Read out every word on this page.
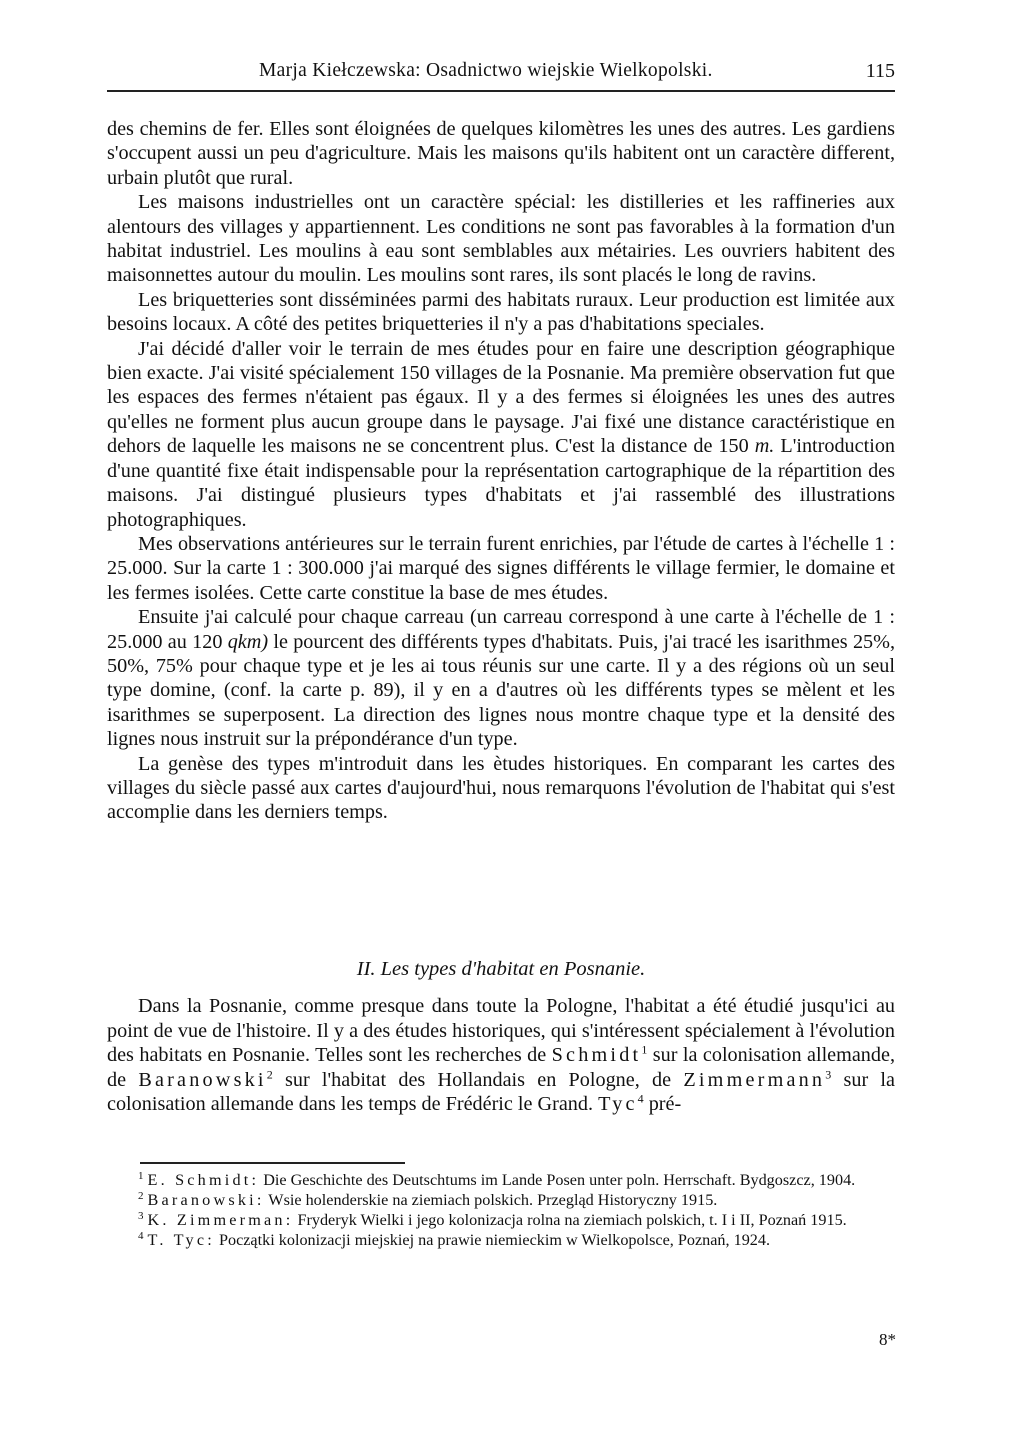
Marja Kiełczewska: Osadnictwo wiejskie Wielkopolski.	115

des chemins de fer. Elles sont éloignées de quelques kilomètres les unes des autres. Les gardiens s'occupent aussi un peu d'agriculture. Mais les maisons qu'ils habitent ont un caractère different, urbain plutôt que rural.

Les maisons industrielles ont un caractère spécial: les distilleries et les raffineries aux alentours des villages y appartiennent. Les conditions ne sont pas favorables à la formation d'un habitat industriel. Les moulins à eau sont semblables aux métairies. Les ouvriers habitent des maisonnettes autour du moulin. Les moulins sont rares, ils sont placés le long de ravins.

Les briquetteries sont disséminées parmi des habitats ruraux. Leur production est limitée aux besoins locaux. A côté des petites briquetteries il n'y a pas d'habitations speciales.

J'ai décidé d'aller voir le terrain de mes études pour en faire une description géographique bien exacte. J'ai visité spécialement 150 villages de la Posnanie. Ma première observation fut que les espaces des fermes n'étaient pas égaux. Il y a des fermes si éloignées les unes des autres qu'elles ne forment plus aucun groupe dans le paysage. J'ai fixé une distance caractéristique en dehors de laquelle les maisons ne se concentrent plus. C'est la distance de 150 m. L'introduction d'une quantité fixe était indispensable pour la représentation cartographique de la répartition des maisons. J'ai distingué plusieurs types d'habitats et j'ai rassemblé des illustrations photographiques.

Mes observations antérieures sur le terrain furent enrichies, par l'étude de cartes à l'échelle 1 : 25.000. Sur la carte 1 : 300.000 j'ai marqué des signes différents le village fermier, le domaine et les fermes isolées. Cette carte constitue la base de mes études.

Ensuite j'ai calculé pour chaque carreau (un carreau correspond à une carte à l'échelle de 1 : 25.000 au 120 qkm) le pourcent des différents types d'habitats. Puis, j'ai tracé les isarithmes 25%, 50%, 75% pour chaque type et je les ai tous réunis sur une carte. Il y a des régions où un seul type domine, (conf. la carte p. 89), il y en a d'autres où les différents types se mèlent et les isarithmes se superposent. La direction des lignes nous montre chaque type et la densité des lignes nous instruit sur la prépondérance d'un type.

La genèse des types m'introduit dans les ètudes historiques. En comparant les cartes des villages du siècle passé aux cartes d'aujourd'hui, nous remarquons l'évolution de l'habitat qui s'est accomplie dans les derniers temps.

II. Les types d'habitat en Posnanie.

Dans la Posnanie, comme presque dans toute la Pologne, l'habitat a été étudié jusqu'ici au point de vue de l'histoire. Il y a des études historiques, qui s'intéressent spécialement à l'évolution des habitats en Posnanie. Telles sont les recherches de Schmidt$^1$ sur la colonisation allemande, de Baranowski$^2$ sur l'habitat des Hollandais en Pologne, de Zimmermann$^3$ sur la colonisation allemande dans les temps de Frédéric le Grand. Tyc$^4$ pré-

$^1$ E. Schmidt: Die Geschichte des Deutschtums im Lande Posen unter poln. Herrschaft. Bydgoszcz, 1904.
$^2$ Baranowski: Wsie holenderskie na ziemiach polskich. Przegląd Historyczny 1915.
$^3$ K. Zimmerman: Fryderyk Wielki i jego kolonizacja rolna na ziemiach polskich, t. I i II, Poznań 1915.
$^4$ T. Tyc: Początki kolonizacji miejskiej na prawie niemieckim w Wielkopolsce, Poznań, 1924.
8*
